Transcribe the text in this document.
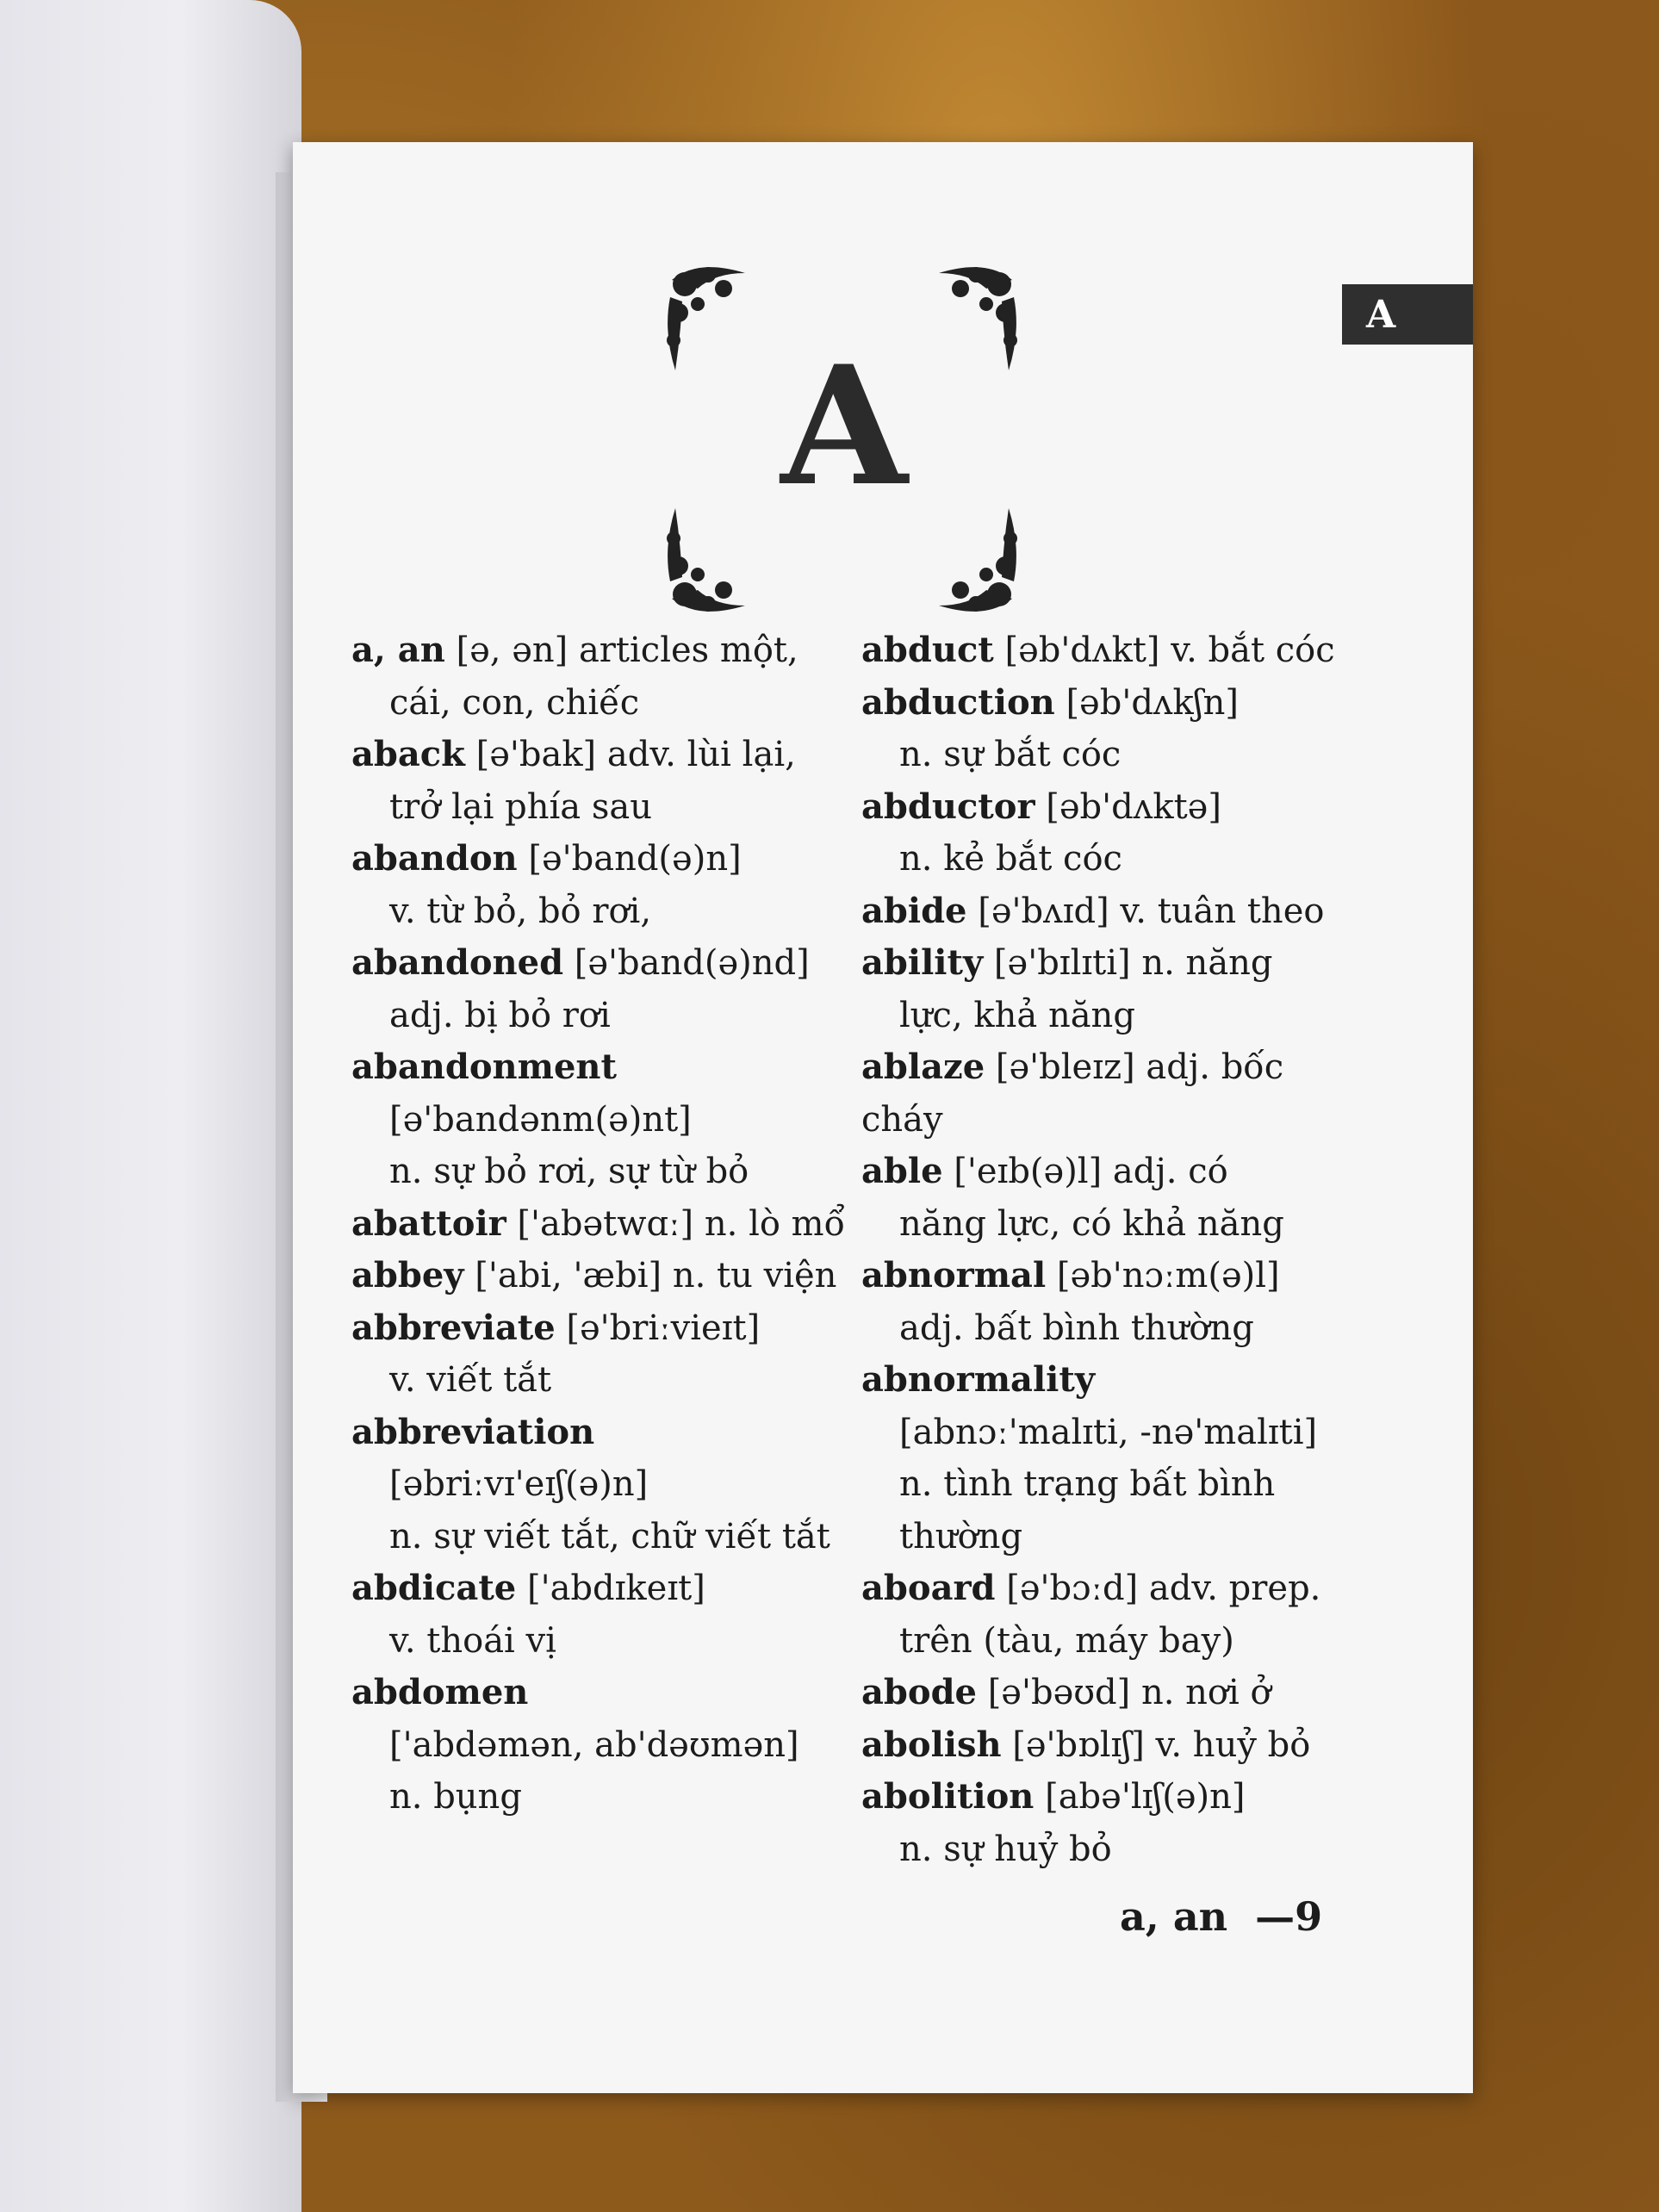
A
A
a, an [ə, ən] articles một,
cái, con, chiếc
aback [ə'bak] adv. lùi lại,
trở lại phía sau
abandon [ə'band(ə)n]
v. từ bỏ, bỏ rơi,
abandoned [ə'band(ə)nd]
adj. bị bỏ rơi
abandonment
[ə'bandənm(ə)nt]
n. sự bỏ rơi, sự từ bỏ
abattoir ['abətwɑː] n. lò mổ
abbey ['abi, 'æbi] n. tu viện
abbreviate [ə'briːvieɪt]
v. viết tắt
abbreviation
[əbriːvɪ'eɪʃ(ə)n]
n. sự viết tắt, chữ viết tắt
abdicate ['abdɪkeɪt]
v. thoái vị
abdomen
['abdəmən, ab'dəʊmən]
n. bụng
abduct [əb'dʌkt] v. bắt cóc
abduction [əb'dʌkʃn]
n. sự bắt cóc
abductor [əb'dʌktə]
n. kẻ bắt cóc
abide [ə'bʌɪd] v. tuân theo
ability [ə'bɪlɪti] n. năng
lực, khả năng
ablaze [ə'bleɪz] adj. bốc cháy
able ['eɪb(ə)l] adj. có
năng lực, có khả năng
abnormal [əb'nɔːm(ə)l]
adj. bất bình thường
abnormality
[abnɔː'malɪti, -nə'malɪti]
n. tình trạng bất bình
thường
aboard [ə'bɔːd] adv. prep.
trên (tàu, máy bay)
abode [ə'bəʊd] n. nơi ở
abolish [ə'bɒlɪʃ] v. huỷ bỏ
abolition [abə'lɪʃ(ə)n]
n. sự huỷ bỏ
a, an  —9
